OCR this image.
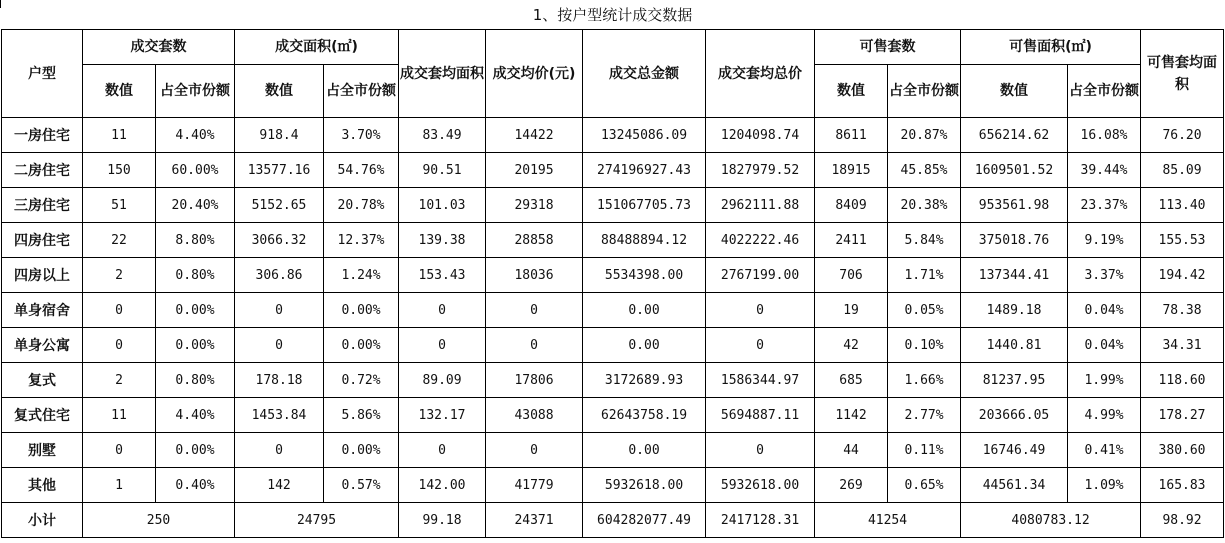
1、按户型统计成交数据
户型	成交套数		成交面积(㎡)		成交套均面积	成交均价(元)	成交总金额	成交套均总价	可售套数		可售面积(㎡)		可售套均面积
	数值	占全市份额	数值	占全市份额					数值	占全市份额	数值	占全市份额	
一房住宅	11	4.40%	918.4	3.70%	83.49	14422	13245086.09	1204098.74	8611	20.87%	656214.62	16.08%	76.20
二房住宅	150	60.00%	13577.16	54.76%	90.51	20195	274196927.43	1827979.52	18915	45.85%	1609501.52	39.44%	85.09
三房住宅	51	20.40%	5152.65	20.78%	101.03	29318	151067705.73	2962111.88	8409	20.38%	953561.98	23.37%	113.40
四房住宅	22	8.80%	3066.32	12.37%	139.38	28858	88488894.12	4022222.46	2411	5.84%	375018.76	9.19%	155.53
四房以上	2	0.80%	306.86	1.24%	153.43	18036	5534398.00	2767199.00	706	1.71%	137344.41	3.37%	194.42
单身宿舍	0	0.00%	0	0.00%	0	0	0.00	0	19	0.05%	1489.18	0.04%	78.38
单身公寓	0	0.00%	0	0.00%	0	0	0.00	0	42	0.10%	1440.81	0.04%	34.31
复式	2	0.80%	178.18	0.72%	89.09	17806	3172689.93	1586344.97	685	1.66%	81237.95	1.99%	118.60
复式住宅	11	4.40%	1453.84	5.86%	132.17	43088	62643758.19	5694887.11	1142	2.77%	203666.05	4.99%	178.27
别墅	0	0.00%	0	0.00%	0	0	0.00	0	44	0.11%	16746.49	0.41%	380.60
其他	1	0.40%	142	0.57%	142.00	41779	5932618.00	5932618.00	269	0.65%	44561.34	1.09%	165.83
小计	250		24795		99.18	24371	604282077.49	2417128.31	41254		4080783.12		98.92
